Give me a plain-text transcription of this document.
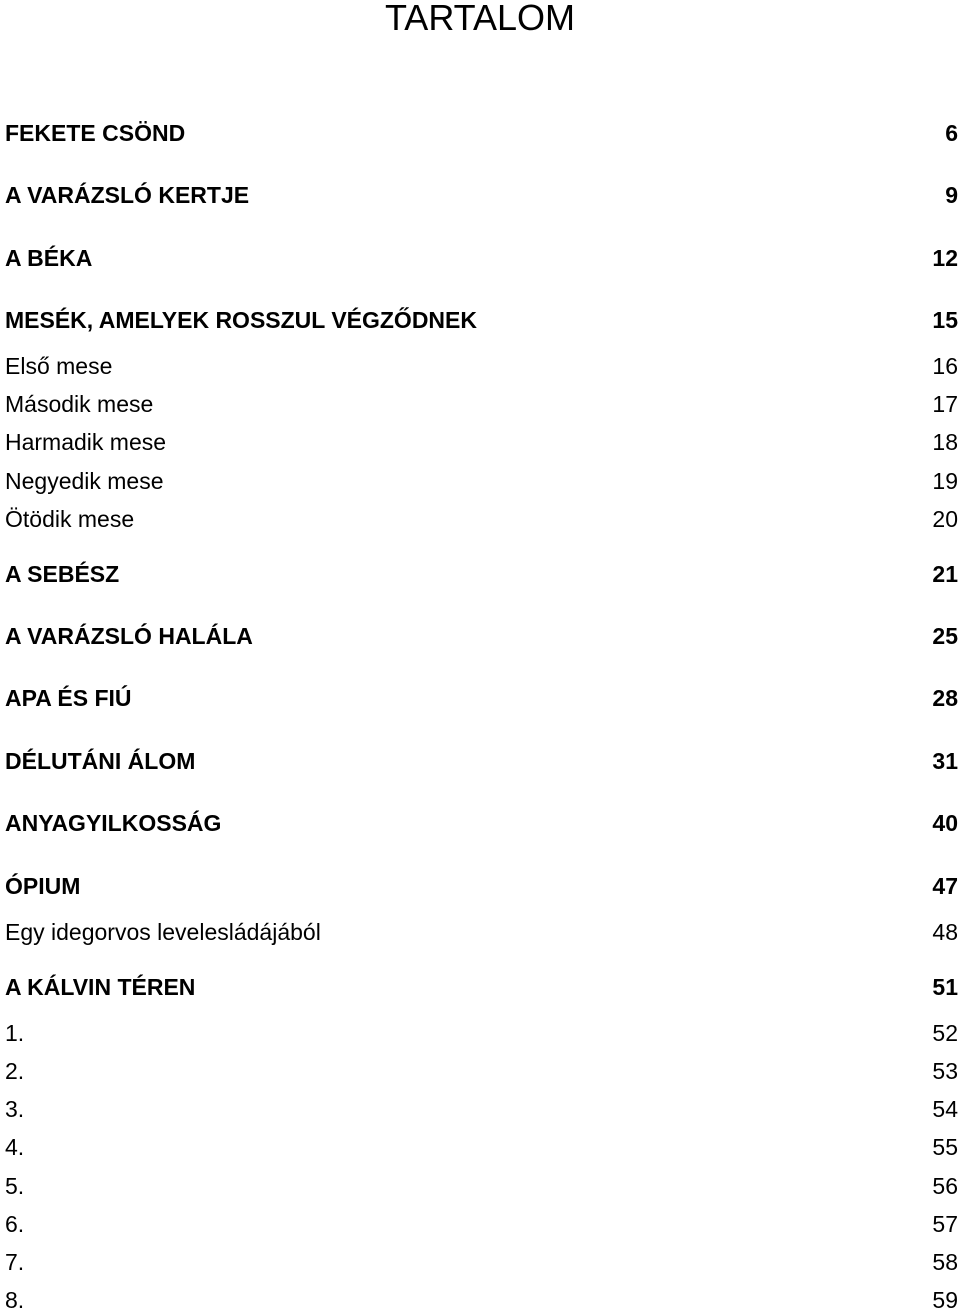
TARTALOM
FEKETE CSÖND	6
A VARÁZSLÓ KERTJE	9
A BÉKA	12
MESÉK, AMELYEK ROSSZUL VÉGZŐDNEK	15
Első mese	16
Második mese	17
Harmadik mese	18
Negyedik mese	19
Ötödik mese	20
A SEBÉSZ	21
A VARÁZSLÓ HALÁLA	25
APA ÉS FIÚ	28
DÉLUTÁNI ÁLOM	31
ANYAGYILKOSSÁG	40
ÓPIUM	47
Egy idegorvos levelesládájából	48
A KÁLVIN TÉREN	51
1.	52
2.	53
3.	54
4.	55
5.	56
6.	57
7.	58
8.	59
